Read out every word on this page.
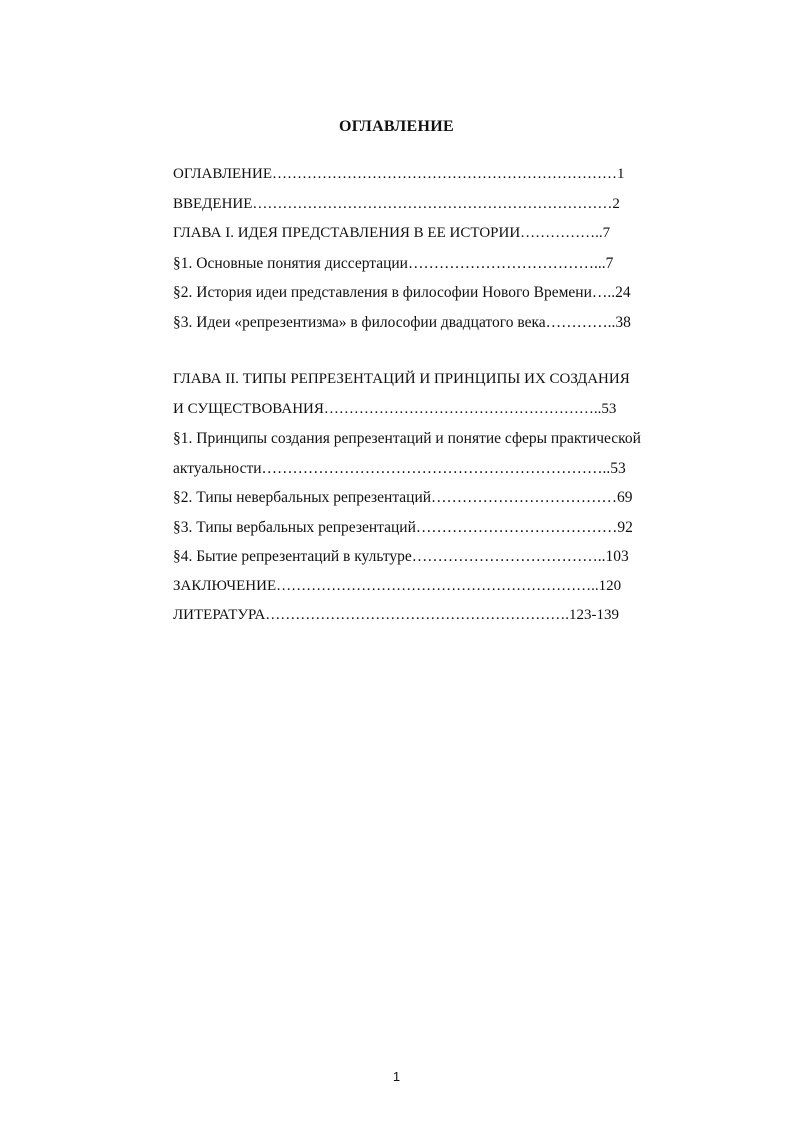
ОГЛАВЛЕНИЕ
ОГЛАВЛЕНИЕ……………………………………………………………1
ВВЕДЕНИЕ………………………………………………………………2
ГЛАВА I. ИДЕЯ ПРЕДСТАВЛЕНИЯ В ЕЕ ИСТОРИИ……………..7
§1. Основные понятия диссертации………………………………...7
§2. История идеи представления в философии Нового Времени…..24
§3. Идеи «репрезентизма» в философии двадцатого века…………..38
ГЛАВА II. ТИПЫ РЕПРЕЗЕНТАЦИЙ И ПРИНЦИПЫ ИХ СОЗДАНИЯ
И СУЩЕСТВОВАНИЯ………………………………………………..53
§1. Принципы создания репрезентаций и понятие сферы практической
актуальности…………………………………………………………..53
§2. Типы невербальных репрезентаций………………………………69
§3. Типы вербальных репрезентаций…………………………………92
§4. Бытие репрезентаций в культуре………………………………..103
ЗАКЛЮЧЕНИЕ………………………………………………………..120
ЛИТЕРАТУРА…………………………………………………….123-139
1
